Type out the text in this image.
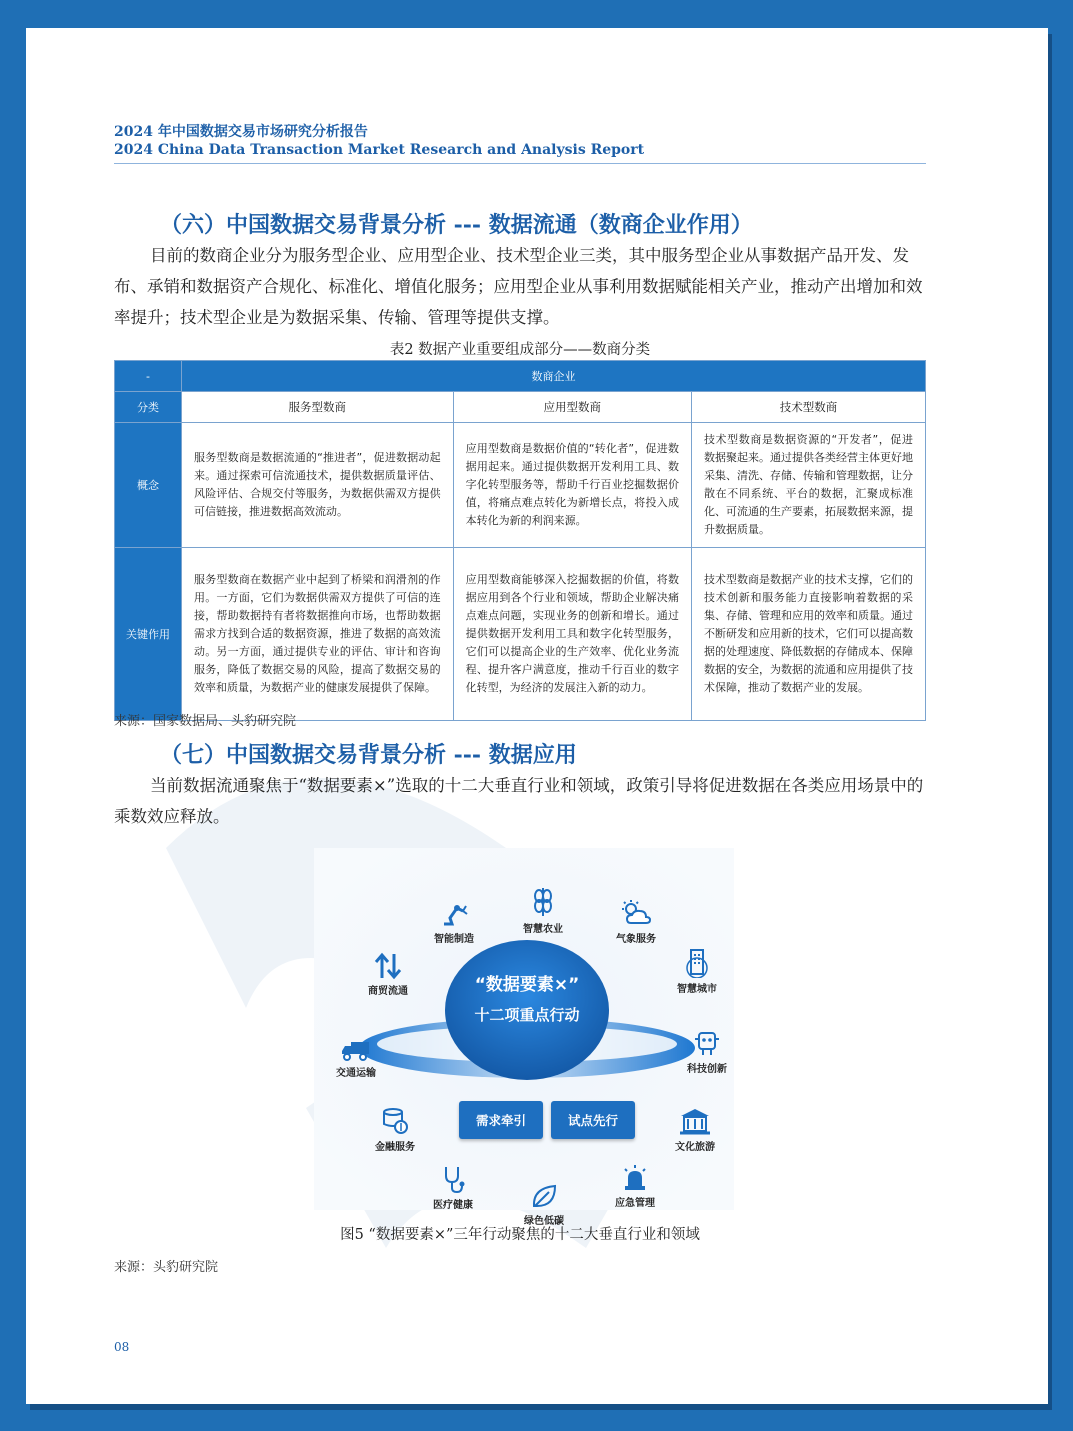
2024 年中国数据交易市场研究分析报告
2024 China Data Transaction Market Research and Analysis Report
（六）中国数据交易背景分析 --- 数据流通（数商企业作用）

目前的数商企业分为服务型企业、应用型企业、技术型企业三类，其中服务型企业从事数据产品开发、发布、承销和数据资产合规化、标准化、增值化服务；应用型企业从事利用数据赋能相关产业，推动产出增加和效率提升；技术型企业是为数据采集、传输、管理等提供支撑。

表2 数据产业重要组成部分——数商分类
-	数商企业		
分类	服务型数商	应用型数商	技术型数商
概念	服务型数商是数据流通的“推进者”，促进数据动起来。通过探索可信流通技术，提供数据质量评估、风险评估、合规交付等服务，为数据供需双方提供可信链接，推进数据高效流动。	应用型数商是数据价值的“转化者”，促进数据用起来。通过提供数据开发利用工具、数字化转型服务等，帮助千行百业挖掘数据价值，将痛点难点转化为新增长点，将投入成本转化为新的利润来源。	技术型数商是数据资源的“开发者”，促进数据聚起来。通过提供各类经营主体更好地采集、清洗、存储、传输和管理数据，让分散在不同系统、平台的数据，汇聚成标准化、可流通的生产要素，拓展数据来源，提升数据质量。
关键作用	服务型数商在数据产业中起到了桥梁和润滑剂的作用。一方面，它们为数据供需双方提供了可信的连接，帮助数据持有者将数据推向市场，也帮助数据需求方找到合适的数据资源，推进了数据的高效流动。另一方面，通过提供专业的评估、审计和咨询服务，降低了数据交易的风险，提高了数据交易的效率和质量，为数据产业的健康发展提供了保障。	应用型数商能够深入挖掘数据的价值，将数据应用到各个行业和领域，帮助企业解决痛点难点问题，实现业务的创新和增长。通过提供数据开发利用工具和数字化转型服务，它们可以提高企业的生产效率、优化业务流程、提升客户满意度，推动千行百业的数字化转型，为经济的发展注入新的动力。	技术型数商是数据产业的技术支撑，它们的技术创新和服务能力直接影响着数据的采集、存储、管理和应用的效率和质量。通过不断研发和应用新的技术，它们可以提高数据的处理速度、降低数据的存储成本、保障数据的安全，为数据的流通和应用提供了技术保障，推动了数据产业的发展。
来源：国家数据局、头豹研究院
（七）中国数据交易背景分析 --- 数据应用

当前数据流通聚焦于“数据要素×”选取的十二大垂直行业和领域，政策引导将促进数据在各类应用场景中的乘数效应释放。

“数据要素×”
十二项重点行动
需求牵引	试点先行
智能制造
智慧农业
气象服务
智慧城市
科技创新
文化旅游
应急管理
绿色低碳
医疗健康
金融服务
交通运输
商贸流通
图5 “数据要素×”三年行动聚焦的十二大垂直行业和领域
来源：头豹研究院
08
